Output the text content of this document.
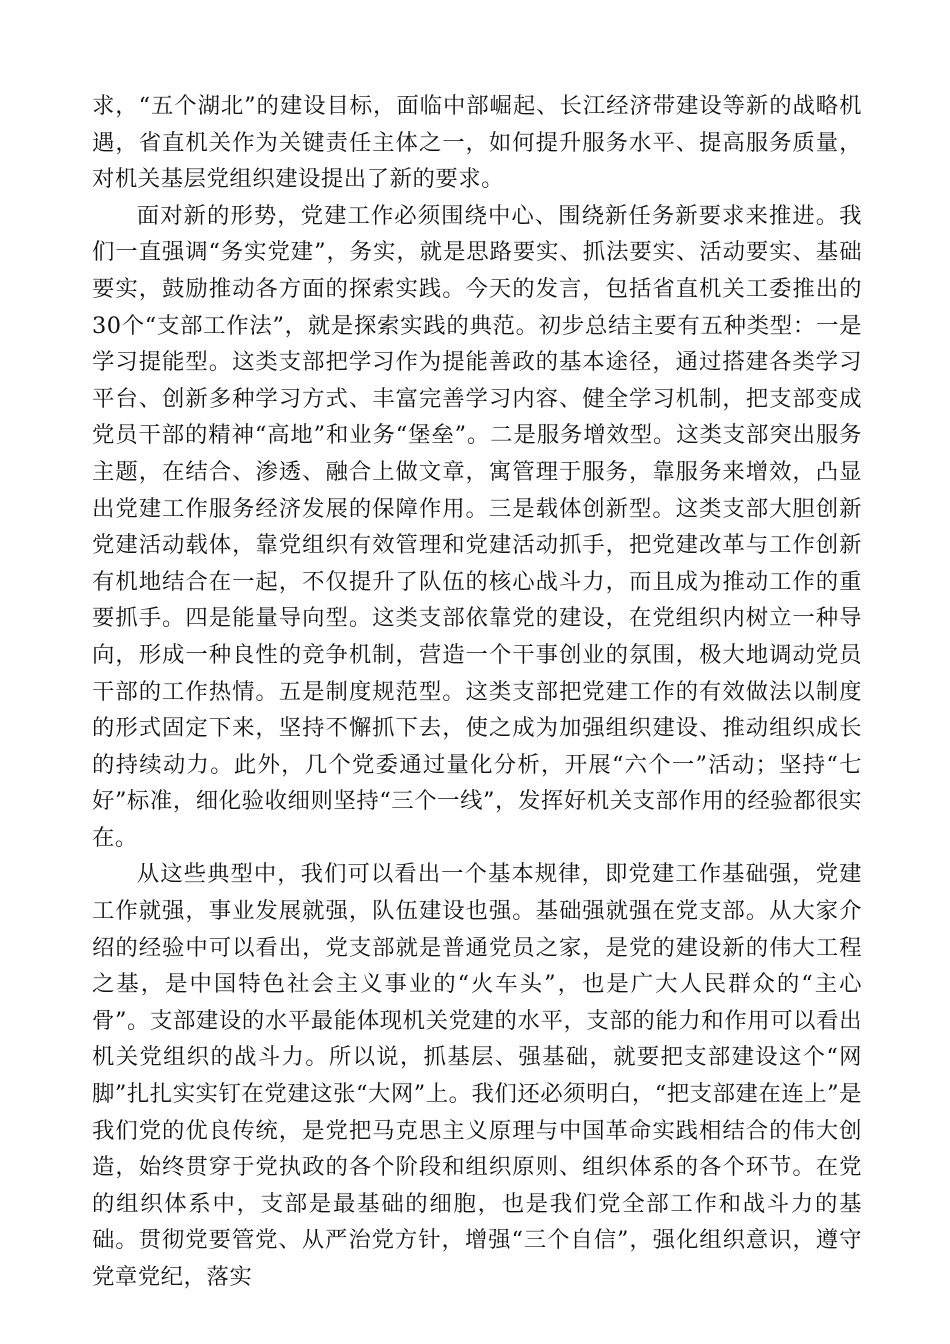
求，“五个湖北”的建设目标，面临中部崛起、长江经济带建设等新的战略机遇，省直机关作为关键责任主体之一，如何提升服务水平、提高服务质量，对机关基层党组织建设提出了新的要求。

面对新的形势，党建工作必须围绕中心、围绕新任务新要求来推进。我们一直强调“务实党建”，务实，就是思路要实、抓法要实、活动要实、基础要实，鼓励推动各方面的探索实践。今天的发言，包括省直机关工委推出的30个“支部工作法”，就是探索实践的典范。初步总结主要有五种类型：一是学习提能型。这类支部把学习作为提能善政的基本途径，通过搭建各类学习平台、创新多种学习方式、丰富完善学习内容、健全学习机制，把支部变成党员干部的精神“高地”和业务“堡垒”。二是服务增效型。这类支部突出服务主题，在结合、渗透、融合上做文章，寓管理于服务，靠服务来增效，凸显出党建工作服务经济发展的保障作用。三是载体创新型。这类支部大胆创新党建活动载体，靠党组织有效管理和党建活动抓手，把党建改革与工作创新有机地结合在一起，不仅提升了队伍的核心战斗力，而且成为推动工作的重要抓手。四是能量导向型。这类支部依靠党的建设，在党组织内树立一种导向，形成一种良性的竞争机制，营造一个干事创业的氛围，极大地调动党员干部的工作热情。五是制度规范型。这类支部把党建工作的有效做法以制度的形式固定下来，坚持不懈抓下去，使之成为加强组织建设、推动组织成长的持续动力。此外，几个党委通过量化分析，开展“六个一”活动；坚持“七好”标准，细化验收细则坚持“三个一线”，发挥好机关支部作用的经验都很实在。

从这些典型中，我们可以看出一个基本规律，即党建工作基础强，党建工作就强，事业发展就强，队伍建设也强。基础强就强在党支部。从大家介绍的经验中可以看出，党支部就是普通党员之家，是党的建设新的伟大工程之基，是中国特色社会主义事业的“火车头”，也是广大人民群众的“主心骨”。支部建设的水平最能体现机关党建的水平，支部的能力和作用可以看出机关党组织的战斗力。所以说，抓基层、强基础，就要把支部建设这个“网脚”扎扎实实钉在党建这张“大网”上。我们还必须明白，“把支部建在连上”是我们党的优良传统，是党把马克思主义原理与中国革命实践相结合的伟大创造，始终贯穿于党执政的各个阶段和组织原则、组织体系的各个环节。在党的组织体系中，支部是最基础的细胞，也是我们党全部工作和战斗力的基础。贯彻党要管党、从严治党方针，增强“三个自信”，强化组织意识，遵守党章党纪，落实
